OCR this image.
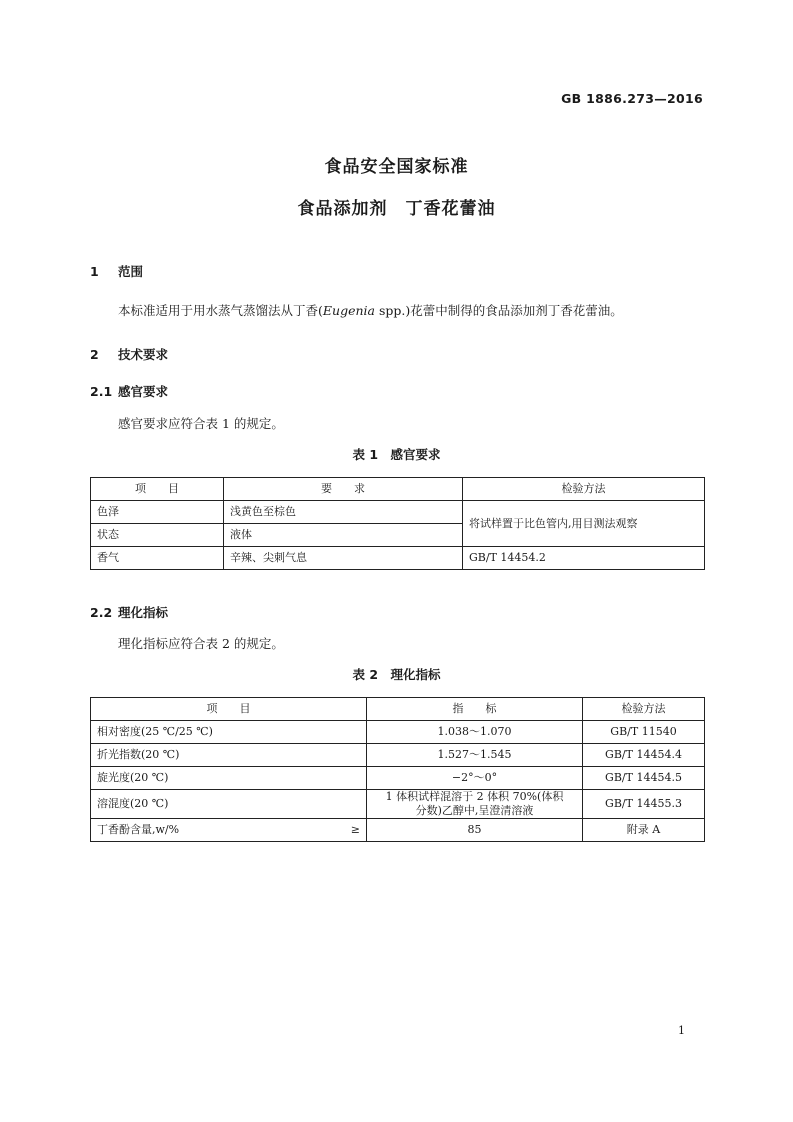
GB 1886.273—2016
食品安全国家标准
食品添加剂　丁香花蕾油
1 范围
本标准适用于用水蒸气蒸馏法从丁香(Eugenia spp.)花蕾中制得的食品添加剂丁香花蕾油。
2 技术要求
2.1 感官要求
感官要求应符合表 1 的规定。
表 1　感官要求
项　　目	要　　求	检验方法
色泽	浅黄色至棕色	将试样置于比色管内,用目测法观察
状态	液体	
香气	辛辣、尖刺气息	GB/T 14454.2
2.2 理化指标
理化指标应符合表 2 的规定。
表 2　理化指标
项　　目	指　　标	检验方法
相对密度(25 ℃/25 ℃)	1.038～1.070	GB/T 11540
折光指数(20 ℃)	1.527～1.545	GB/T 14454.4
旋光度(20 ℃)	−2°～0°	GB/T 14454.5
溶混度(20 ℃)	1 体积试样混溶于 2 体积 70%(体积
分数)乙醇中,呈澄清溶液	GB/T 14455.3
丁香酚含量,w/% ≥	85	附录 A
1
